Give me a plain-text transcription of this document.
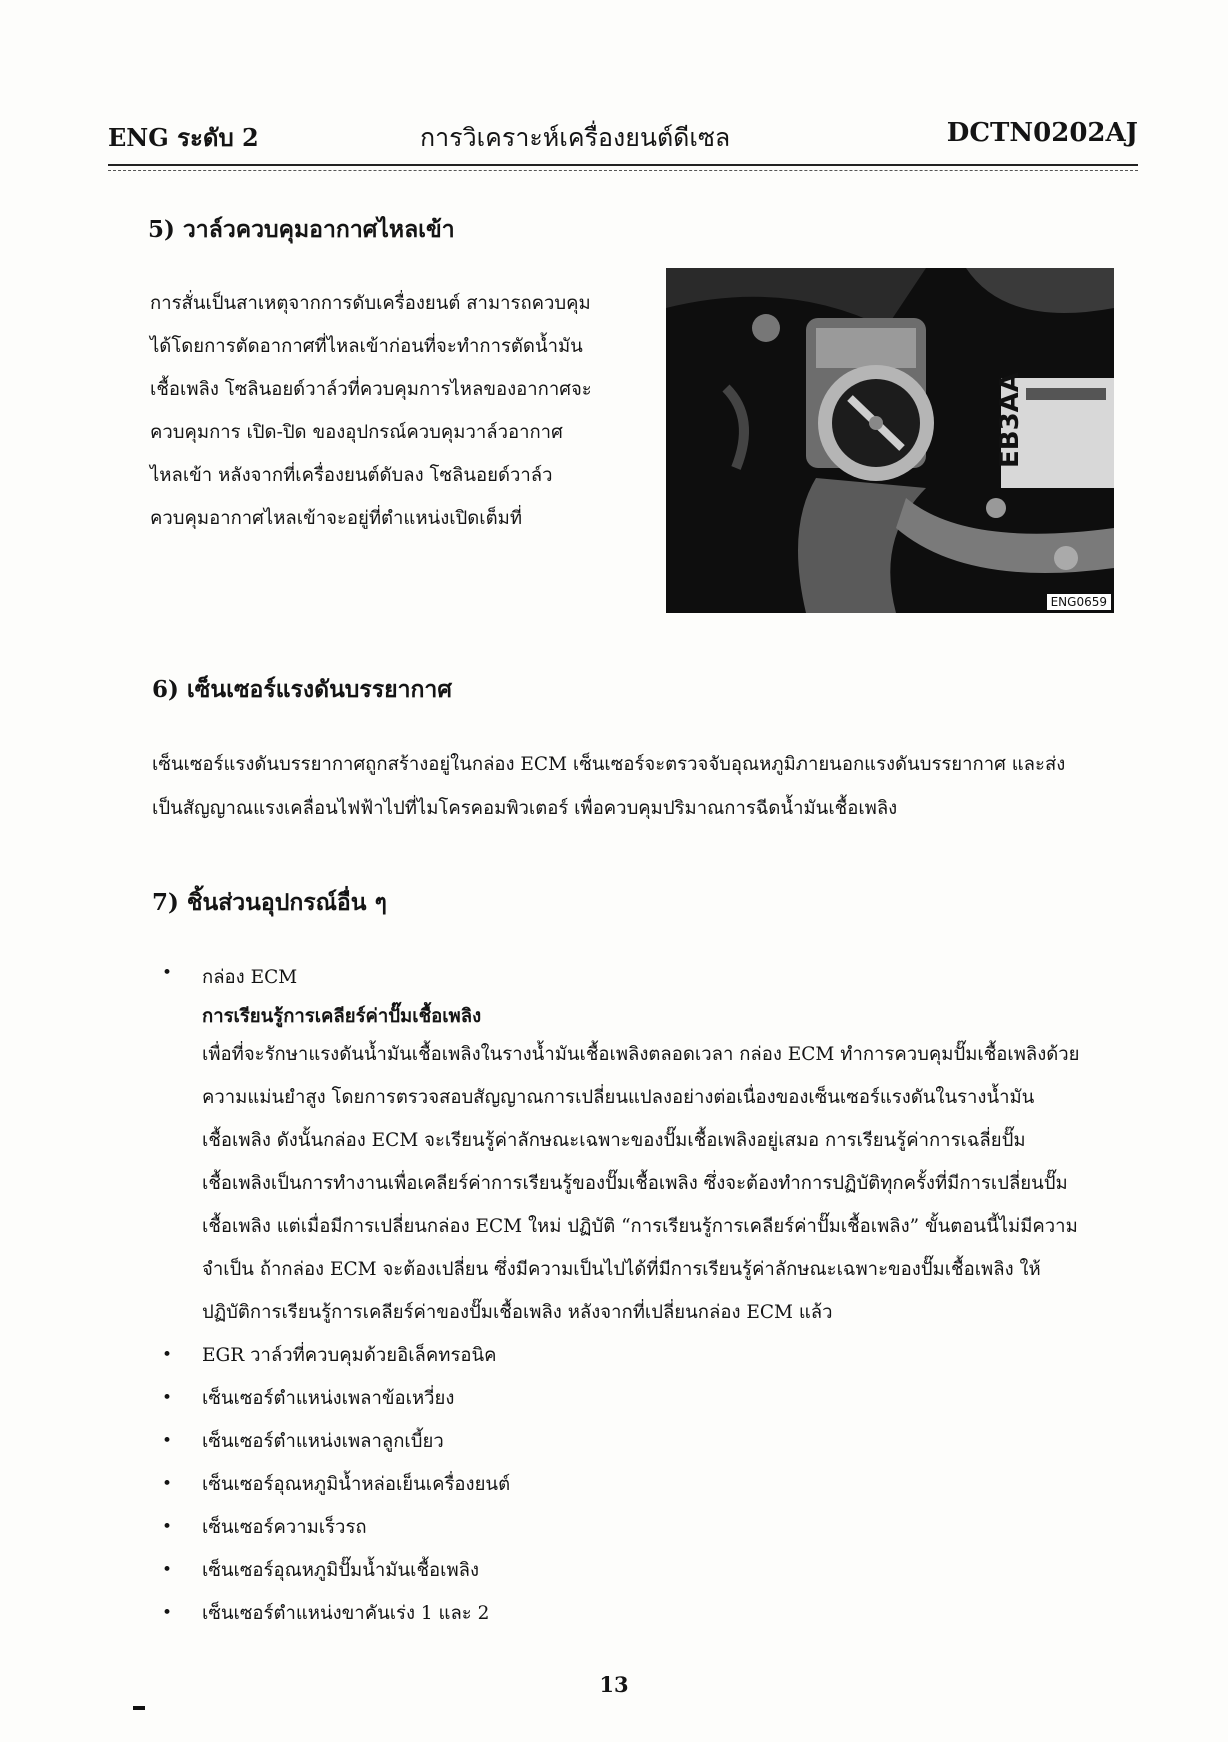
ENG ระดับ 2	การวิเคราะห์เครื่องยนต์ดีเซล	DCTN0202AJ
5) วาล์วควบคุมอากาศไหลเข้า
การสั่นเป็นสาเหตุจากการดับเครื่องยนต์ สามารถควบคุม
ได้โดยการตัดอากาศที่ไหลเข้าก่อนที่จะทำการตัดน้ำมัน
เชื้อเพลิง โซลินอยด์วาล์วที่ควบคุมการไหลของอากาศจะ
ควบคุมการ เปิด-ปิด ของอุปกรณ์ควบคุมวาล์วอากาศ
ไหลเข้า หลังจากที่เครื่องยนต์ดับลง โซลินอยด์วาล์ว
ควบคุมอากาศไหลเข้าจะอยู่ที่ตำแหน่งเปิดเต็มที่
EB3AA
ENG0659
6) เซ็นเซอร์แรงดันบรรยากาศ
เซ็นเซอร์แรงดันบรรยากาศถูกสร้างอยู่ในกล่อง ECM เซ็นเซอร์จะตรวจจับอุณหภูมิภายนอกแรงดันบรรยากาศ และส่ง
เป็นสัญญาณแรงเคลื่อนไฟฟ้าไปที่ไมโครคอมพิวเตอร์ เพื่อควบคุมปริมาณการฉีดน้ำมันเชื้อเพลิง
7) ชิ้นส่วนอุปกรณ์อื่น ๆ
• กล่อง ECM
การเรียนรู้การเคลียร์ค่าปั๊มเชื้อเพลิง
เพื่อที่จะรักษาแรงดันน้ำมันเชื้อเพลิงในรางน้ำมันเชื้อเพลิงตลอดเวลา กล่อง ECM ทำการควบคุมปั๊มเชื้อเพลิงด้วย
ความแม่นยำสูง โดยการตรวจสอบสัญญาณการเปลี่ยนแปลงอย่างต่อเนื่องของเซ็นเซอร์แรงดันในรางน้ำมัน
เชื้อเพลิง ดังนั้นกล่อง ECM จะเรียนรู้ค่าลักษณะเฉพาะของปั๊มเชื้อเพลิงอยู่เสมอ การเรียนรู้ค่าการเฉลี่ยปั๊ม
เชื้อเพลิงเป็นการทำงานเพื่อเคลียร์ค่าการเรียนรู้ของปั๊มเชื้อเพลิง ซึ่งจะต้องทำการปฏิบัติทุกครั้งที่มีการเปลี่ยนปั๊ม
เชื้อเพลิง แต่เมื่อมีการเปลี่ยนกล่อง ECM ใหม่ ปฏิบัติ “การเรียนรู้การเคลียร์ค่าปั๊มเชื้อเพลิง” ขั้นตอนนี้ไม่มีความ
จำเป็น ถ้ากล่อง ECM จะต้องเปลี่ยน ซึ่งมีความเป็นไปได้ที่มีการเรียนรู้ค่าลักษณะเฉพาะของปั๊มเชื้อเพลิง ให้
ปฏิบัติการเรียนรู้การเคลียร์ค่าของปั๊มเชื้อเพลิง หลังจากที่เปลี่ยนกล่อง ECM แล้ว
• EGR วาล์วที่ควบคุมด้วยอิเล็คทรอนิค
• เซ็นเซอร์ตำแหน่งเพลาข้อเหวี่ยง
• เซ็นเซอร์ตำแหน่งเพลาลูกเบี้ยว
• เซ็นเซอร์อุณหภูมิน้ำหล่อเย็นเครื่องยนต์
• เซ็นเซอร์ความเร็วรถ
• เซ็นเซอร์อุณหภูมิปั๊มน้ำมันเชื้อเพลิง
• เซ็นเซอร์ตำแหน่งขาคันเร่ง 1 และ 2
13
